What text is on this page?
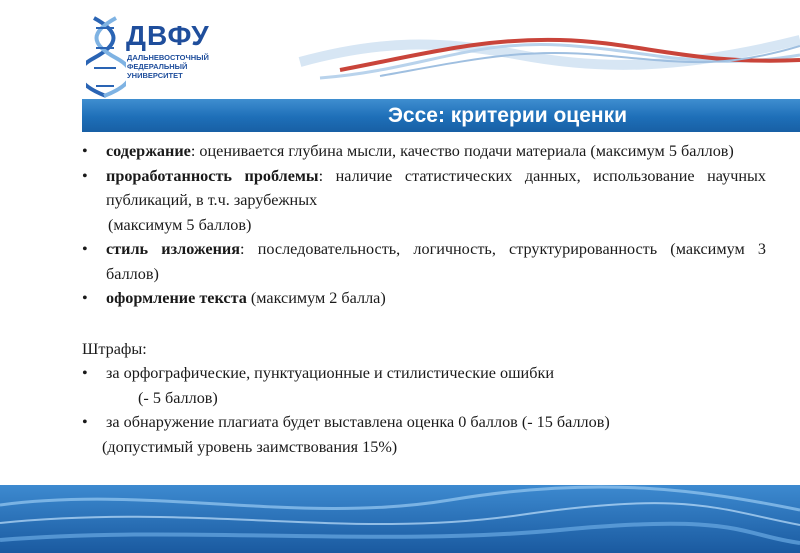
ДВФУ
ДАЛЬНЕВОСТОЧНЫЙ
ФЕДЕРАЛЬНЫЙ
УНИВЕРСИТЕТ
Эссе: критерии оценки
• содержание: оценивается глубина мысли, качество подачи материала (максимум 5 баллов)
• проработанность проблемы: наличие статистических данных, использование научных публикаций, в т.ч. зарубежных
(максимум 5 баллов)
• стиль изложения: последовательность, логичность, структурированность (максимум 3 баллов)
• оформление текста (максимум 2 балла)
Штрафы:
• за орфографические, пунктуационные и стилистические ошибки
(- 5 баллов)
• за обнаружение плагиата будет выставлена оценка 0 баллов (- 15 баллов)
(допустимый уровень заимствования 15%)
